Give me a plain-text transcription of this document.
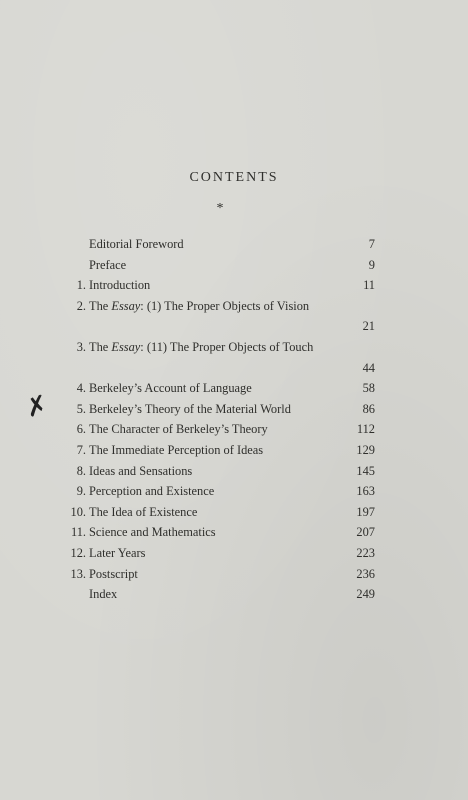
CONTENTS
*
✗
Editorial Foreword	7
Preface	9
1. Introduction	11
2. The Essay: (1) The Proper Objects of Vision
21
3. The Essay: (11) The Proper Objects of Touch
44
4. Berkeley’s Account of Language	58
5. Berkeley’s Theory of the Material World	86
6. The Character of Berkeley’s Theory	112
7. The Immediate Perception of Ideas	129
8. Ideas and Sensations	145
9. Perception and Existence	163
10. The Idea of Existence	197
11. Science and Mathematics	207
12. Later Years	223
13. Postscript	236
Index	249
